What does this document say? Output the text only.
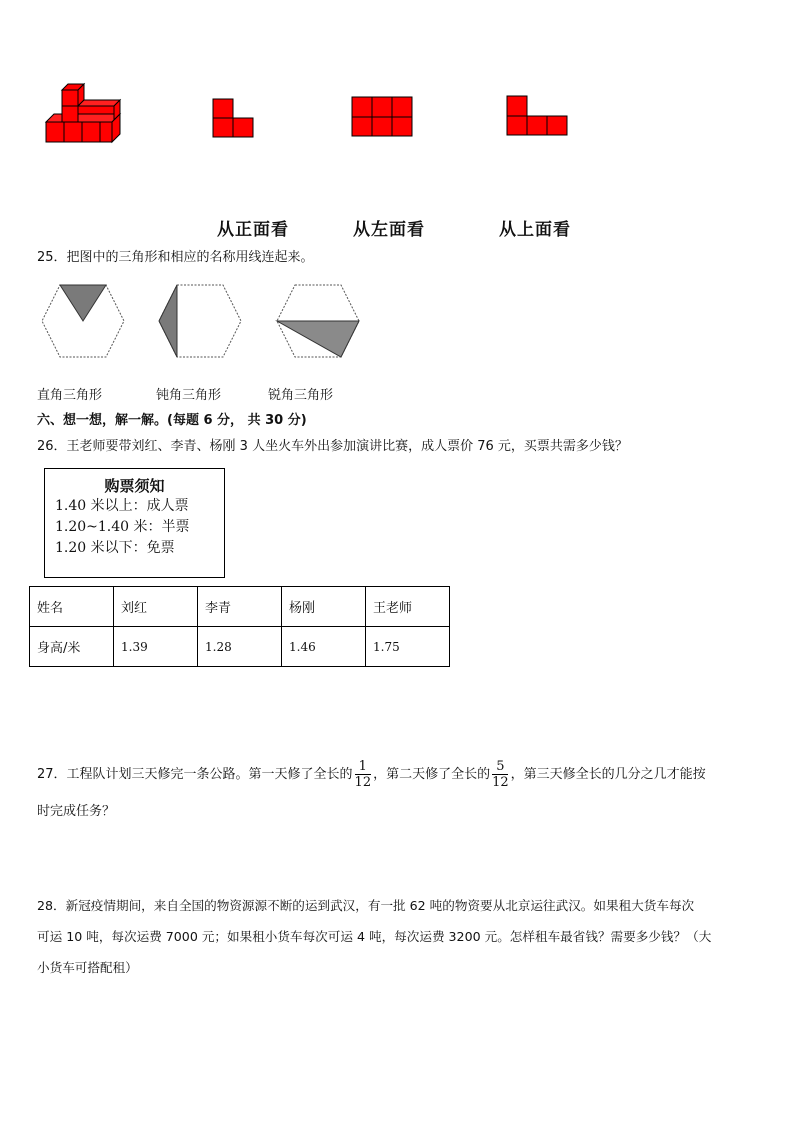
从正面看	从左面看	从上面看
25．把图中的三角形和相应的名称用线连起来。
直角三角形	钝角三角形	锐角三角形
六、想一想，解一解。(每题 6 分， 共 30 分)
26．王老师要带刘红、李青、杨刚 3 人坐火车外出参加演讲比赛，成人票价 76 元，买票共需多少钱？
购票须知
1.40 米以上：成人票
1.20~1.40 米：半票
1.20 米以下：免票
姓名	刘红	李青	杨刚	王老师
身高/米	1.39	1.28	1.46	1.75
27．工程队计划三天修完一条公路。第一天修了全长的 $\frac{1}{12}$ ，第二天修了全长的 $\frac{5}{12}$ ，第三天修全长的几分之几才能按
时完成任务？
28．新冠疫情期间，来自全国的物资源源不断的运到武汉，有一批 62 吨的物资要从北京运往武汉。如果租大货车每次
可运 10 吨，每次运费 7000 元；如果租小货车每次可运 4 吨，每次运费 3200 元。怎样租车最省钱？需要多少钱？（大
小货车可搭配租）
